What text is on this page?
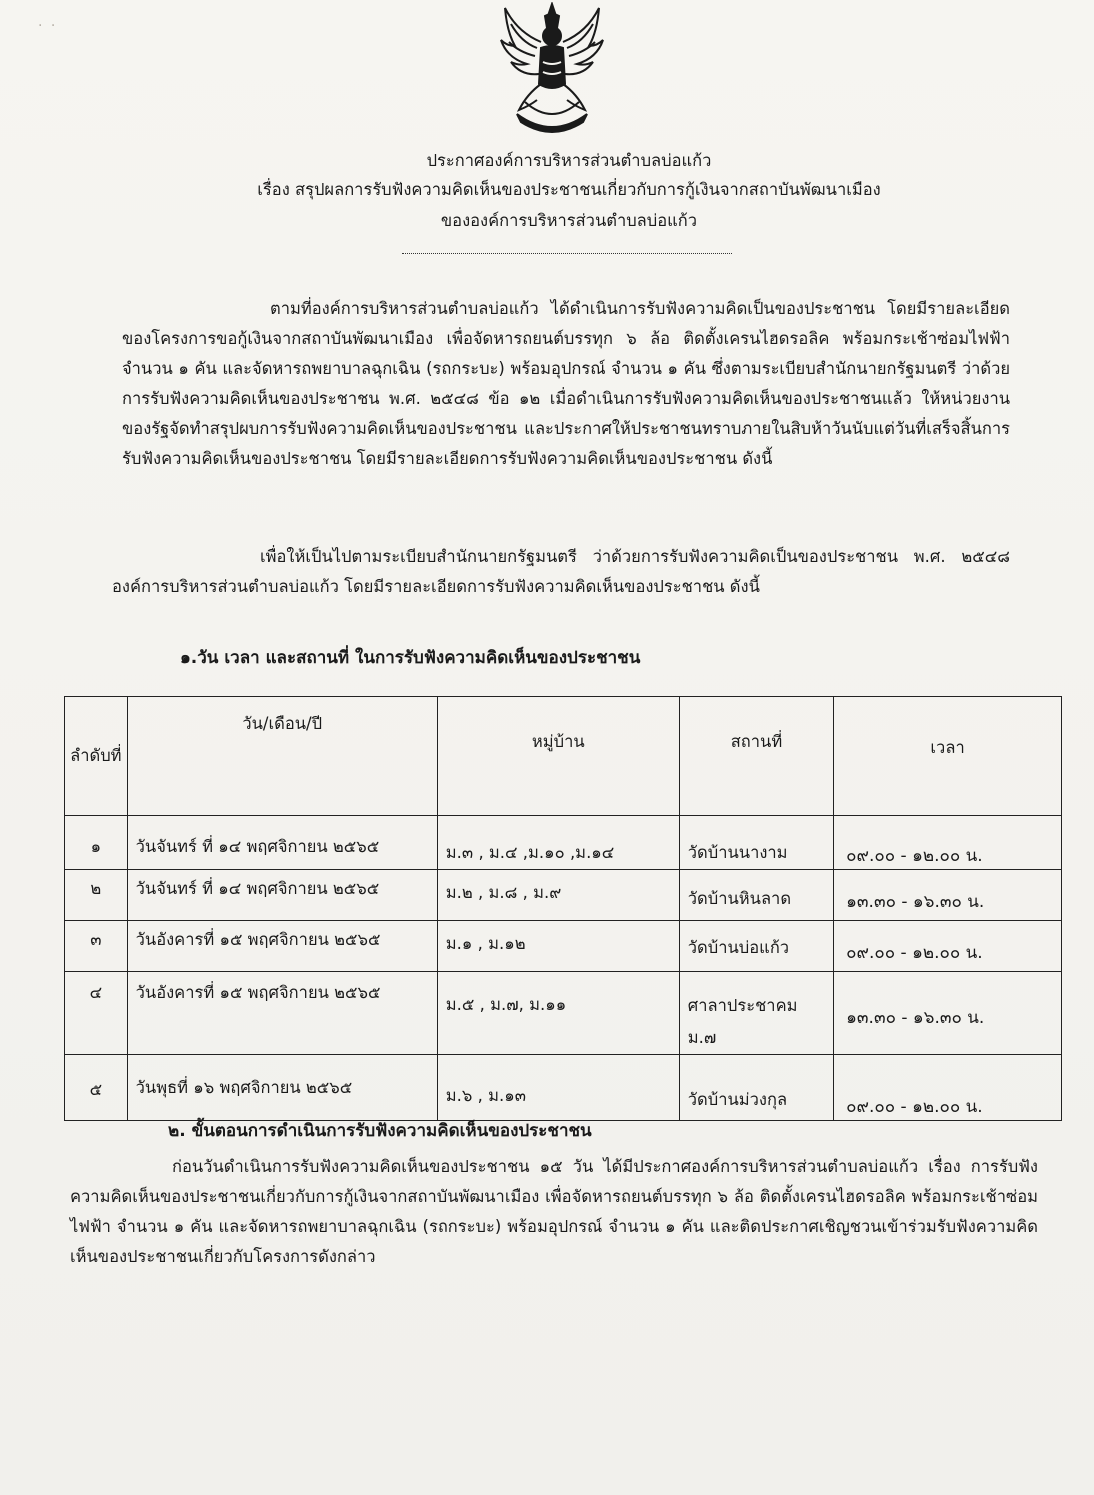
· ·
ประกาศองค์การบริหารส่วนตำบลบ่อแก้ว
เรื่อง สรุปผลการรับฟังความคิดเห็นของประชาชนเกี่ยวกับการกู้เงินจากสถาบันพัฒนาเมือง
ขององค์การบริหารส่วนตำบลบ่อแก้ว
ตามที่องค์การบริหารส่วนตำบลบ่อแก้ว ได้ดำเนินการรับฟังความคิดเป็นของประชาชน โดยมีรายละเอียดของโครงการขอกู้เงินจากสถาบันพัฒนาเมือง เพื่อจัดหารถยนต์บรรทุก ๖ ล้อ ติดตั้งเครนไฮดรอลิค พร้อมกระเช้าซ่อมไฟฟ้า จำนวน ๑ คัน และจัดหารถพยาบาลฉุกเฉิน (รถกระบะ) พร้อมอุปกรณ์ จำนวน ๑ คัน ซึ่งตามระเบียบสำนักนายกรัฐมนตรี ว่าด้วยการรับฟังความคิดเห็นของประชาชน พ.ศ. ๒๕๔๘ ข้อ ๑๒ เมื่อดำเนินการรับฟังความคิดเห็นของประชาชนแล้ว ให้หน่วยงานของรัฐจัดทำสรุปผบการรับฟังความคิดเห็นของประชาชน และประกาศให้ประชาชนทราบภายในสิบห้าวันนับแต่วันที่เสร็จสิ้นการรับฟังความคิดเห็นของประชาชน โดยมีรายละเอียดการรับฟังความคิดเห็นของประชาชน ดังนี้
เพื่อให้เป็นไปตามระเบียบสำนักนายกรัฐมนตรี ว่าด้วยการรับฟังความคิดเป็นของประชาชน พ.ศ. ๒๕๔๘ องค์การบริหารส่วนตำบลบ่อแก้ว โดยมีรายละเอียดการรับฟังความคิดเห็นของประชาชน ดังนี้
๑.วัน เวลา และสถานที่ ในการรับฟังความคิดเห็นของประชาชน
ลำดับที่	วัน/เดือน/ปี	หมู่บ้าน	สถานที่	เวลา

๑	วันจันทร์ ที่ ๑๔ พฤศจิกายน ๒๕๖๕	ม.๓ , ม.๔ ,ม.๑๐ ,ม.๑๔	วัดบ้านนางาม	๐๙.๐๐ - ๑๒.๐๐ น.

๒	วันจันทร์ ที่ ๑๔ พฤศจิกายน ๒๕๖๕	ม.๒ , ม.๘ , ม.๙	วัดบ้านหินลาด	๑๓.๓๐ - ๑๖.๓๐ น.

๓	วันอังคารที่ ๑๕ พฤศจิกายน ๒๕๖๕	ม.๑ , ม.๑๒	วัดบ้านบ่อแก้ว	๐๙.๐๐ - ๑๒.๐๐ น.

๔	วันอังคารที่ ๑๕ พฤศจิกายน ๒๕๖๕	ม.๕ , ม.๗, ม.๑๑	ศาลาประชาคม ม.๗	๑๓.๓๐ - ๑๖.๓๐ น.

๕	วันพุธที่ ๑๖ พฤศจิกายน ๒๕๖๕	ม.๖ , ม.๑๓	วัดบ้านม่วงกุล	๐๙.๐๐ - ๑๒.๐๐ น.
๒. ขั้นตอนการดำเนินการรับฟังความคิดเห็นของประชาชน
ก่อนวันดำเนินการรับฟังความคิดเห็นของประชาชน ๑๕ วัน ได้มีประกาศองค์การบริหารส่วนตำบลบ่อแก้ว เรื่อง การรับฟังความคิดเห็นของประชาชนเกี่ยวกับการกู้เงินจากสถาบันพัฒนาเมือง เพื่อจัดหารถยนต์บรรทุก ๖ ล้อ ติดตั้งเครนไฮดรอลิค พร้อมกระเช้าซ่อมไฟฟ้า จำนวน ๑ คัน และจัดหารถพยาบาลฉุกเฉิน (รถกระบะ) พร้อมอุปกรณ์ จำนวน ๑ คัน และติดประกาศเชิญชวนเข้าร่วมรับฟังความคิดเห็นของประชาชนเกี่ยวกับโครงการดังกล่าว
